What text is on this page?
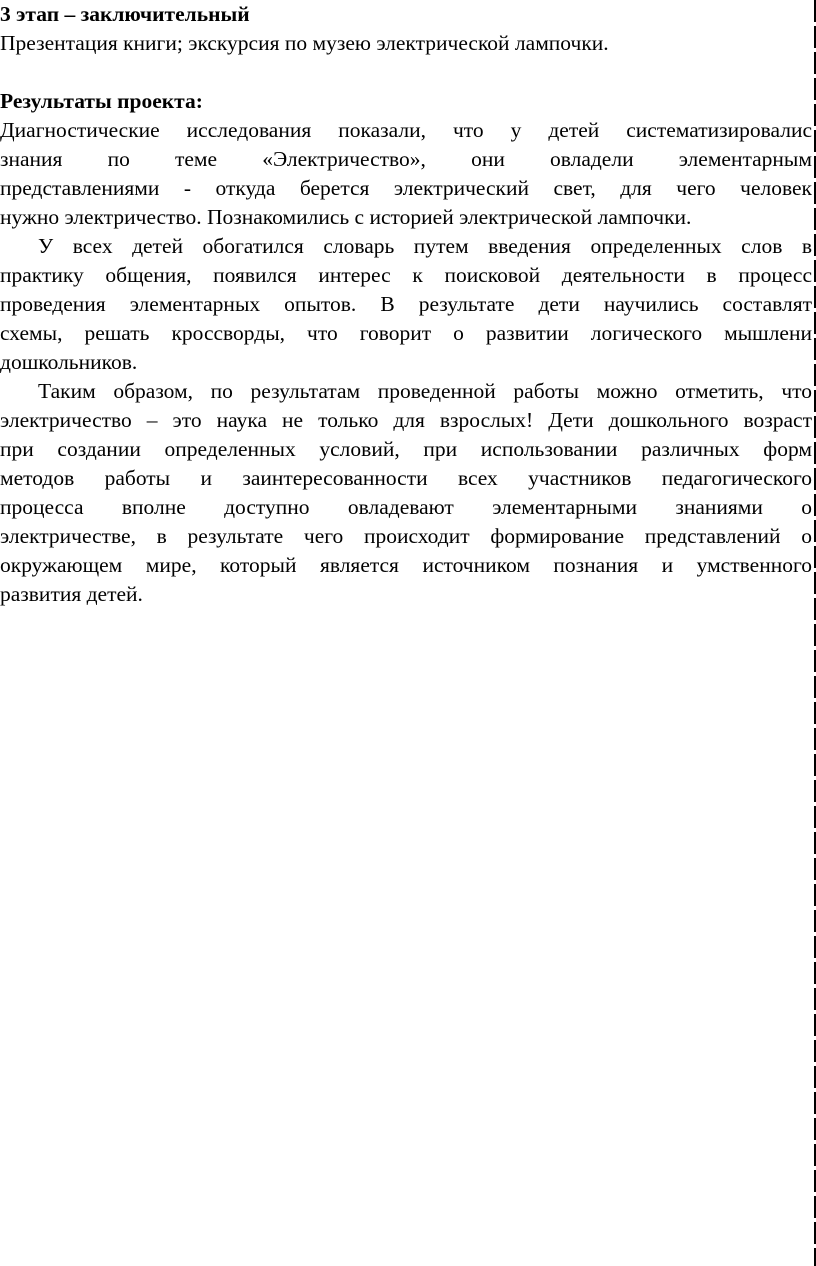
3 этап – заключительный
Презентация книги; экскурсия по музею электрической лампочки.
Результаты проекта:
Диагностические исследования показали, что у детей систематизировалис
знания по теме «Электричество», они овладели элементарным
представлениями - откуда берется электрический свет, для чего человек
нужно электричество. Познакомились с историей электрической лампочки.
У всех детей обогатился словарь путем введения определенных слов в
практику общения, появился интерес к поисковой деятельности в процесс
проведения элементарных опытов. В результате дети научились составлят
схемы, решать кроссворды, что говорит о развитии логического мышлени
дошкольников.
Таким образом, по результатам проведенной работы можно отметить, что
электричество – это наука не только для взрослых! Дети дошкольного возраст
при создании определенных условий, при использовании различных форм
методов работы и заинтересованности всех участников педагогического
процесса вполне доступно овладевают элементарными знаниями о
электричестве, в результате чего происходит формирование представлений о
окружающем мире, который является источником познания и умственного
развития детей.
